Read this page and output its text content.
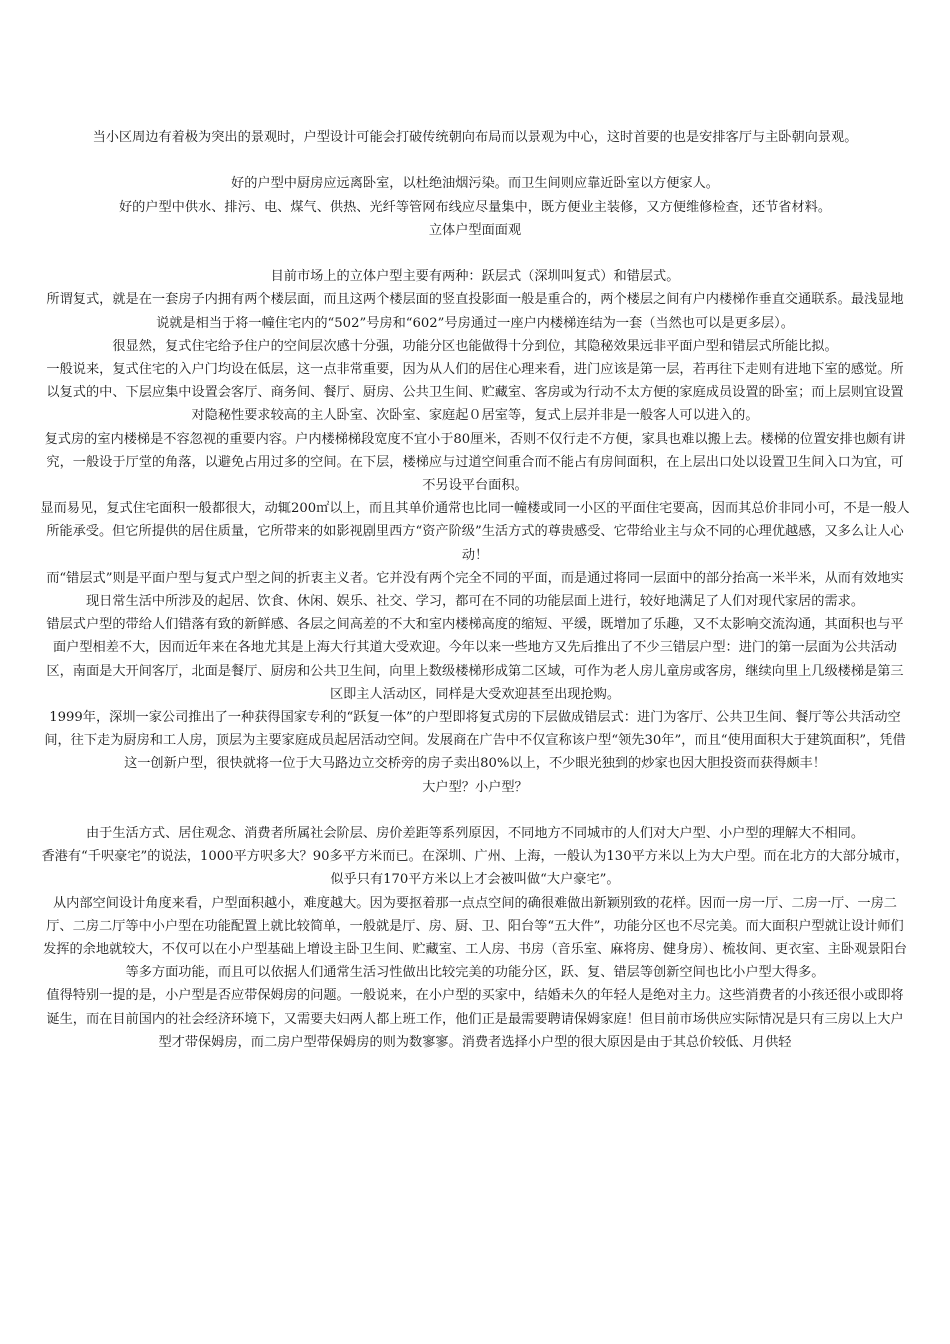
当小区周边有着极为突出的景观时，户型设计可能会打破传统朝向布局而以景观为中心，这时首要的也是安排客厅与主卧朝向景观。

好的户型中厨房应远离卧室，以杜绝油烟污染。而卫生间则应靠近卧室以方便家人。

好的户型中供水、排污、电、煤气、供热、光纤等管网布线应尽量集中，既方便业主装修，又方便维修检查，还节省材料。

立体户型面面观

目前市场上的立体户型主要有两种：跃层式（深圳叫复式）和错层式。

所谓复式，就是在一套房子内拥有两个楼层面，而且这两个楼层面的竖直投影面一般是重合的，两个楼层之间有户内楼梯作垂直交通联系。最浅显地说就是相当于将一幢住宅内的“502”号房和“602”号房通过一座户内楼梯连结为一套（当然也可以是更多层）。

很显然，复式住宅给予住户的空间层次感十分强，功能分区也能做得十分到位，其隐秘效果远非平面户型和错层式所能比拟。

一般说来，复式住宅的入户门均设在低层，这一点非常重要，因为从人们的居住心理来看，进门应该是第一层，若再往下走则有进地下室的感觉。所以复式的中、下层应集中设置会客厅、商务间、餐厅、厨房、公共卫生间、贮藏室、客房或为行动不太方便的家庭成员设置的卧室；而上层则宜设置对隐秘性要求较高的主人卧室、次卧室、家庭起０居室等，复式上层并非是一般客人可以进入的。

复式房的室内楼梯是不容忽视的重要内容。户内楼梯梯段宽度不宜小于80厘米，否则不仅行走不方便，家具也难以搬上去。楼梯的位置安排也颇有讲究，一般设于厅堂的角落，以避免占用过多的空间。在下层，楼梯应与过道空间重合而不能占有房间面积，在上层出口处以设置卫生间入口为宜，可不另设平台面积。

显而易见，复式住宅面积一般都很大，动辄200㎡以上，而且其单价通常也比同一幢楼或同一小区的平面住宅要高，因而其总价非同小可，不是一般人所能承受。但它所提供的居住质量，它所带来的如影视剧里西方“资产阶级”生活方式的尊贵感受、它带给业主与众不同的心理优越感，又多么让人心动！

而“错层式”则是平面户型与复式户型之间的折衷主义者。它并没有两个完全不同的平面，而是通过将同一层面中的部分抬高一米半米，从而有效地实现日常生活中所涉及的起居、饮食、休闲、娱乐、社交、学习，都可在不同的功能层面上进行，较好地满足了人们对现代家居的需求。

错层式户型的带给人们错落有致的新鲜感、各层之间高差的不大和室内楼梯高度的缩短、平缓，既增加了乐趣，又不太影响交流沟通，其面积也与平面户型相差不大，因而近年来在各地尤其是上海大行其道大受欢迎。今年以来一些地方又先后推出了不少三错层户型：进门的第一层面为公共活动区，南面是大开间客厅，北面是餐厅、厨房和公共卫生间，向里上数级楼梯形成第二区域，可作为老人房儿童房或客房，继续向里上几级楼梯是第三区即主人活动区，同样是大受欢迎甚至出现抢购。

1999年，深圳一家公司推出了一种获得国家专利的“跃复一体”的户型即将复式房的下层做成错层式：进门为客厅、公共卫生间、餐厅等公共活动空间，往下走为厨房和工人房，顶层为主要家庭成员起居活动空间。发展商在广告中不仅宣称该户型“领先30年”，而且“使用面积大于建筑面积”，凭借这一创新户型，很快就将一位于大马路边立交桥旁的房子卖出80%以上，不少眼光独到的炒家也因大胆投资而获得颇丰！

大户型？小户型？

由于生活方式、居住观念、消费者所属社会阶层、房价差距等系列原因，不同地方不同城市的人们对大户型、小户型的理解大不相同。

香港有“千呎豪宅”的说法，1000平方呎多大？90多平方米而已。在深圳、广州、上海，一般认为130平方米以上为大户型。而在北方的大部分城市，似乎只有170平方米以上才会被叫做“大户豪宅”。

从内部空间设计角度来看，户型面积越小，难度越大。因为要抠着那一点点空间的确很难做出新颖别致的花样。因而一房一厅、二房一厅、一房二厅、二房二厅等中小户型在功能配置上就比较简单，一般就是厅、房、厨、卫、阳台等“五大件”，功能分区也不尽完美。而大面积户型就让设计师们发挥的余地就较大，不仅可以在小户型基础上增设主卧卫生间、贮藏室、工人房、书房（音乐室、麻将房、健身房）、梳妆间、更衣室、主卧观景阳台等多方面功能，而且可以依据人们通常生活习性做出比较完美的功能分区，跃、复、错层等创新空间也比小户型大得多。

值得特别一提的是，小户型是否应带保姆房的问题。一般说来，在小户型的买家中，结婚未久的年轻人是绝对主力。这些消费者的小孩还很小或即将诞生，而在目前国内的社会经济环境下，又需要夫妇两人都上班工作，他们正是最需要聘请保姆家庭！但目前市场供应实际情况是只有三房以上大户型才带保姆房，而二房户型带保姆房的则为数寥寥。消费者选择小户型的很大原因是由于其总价较低、月供轻
